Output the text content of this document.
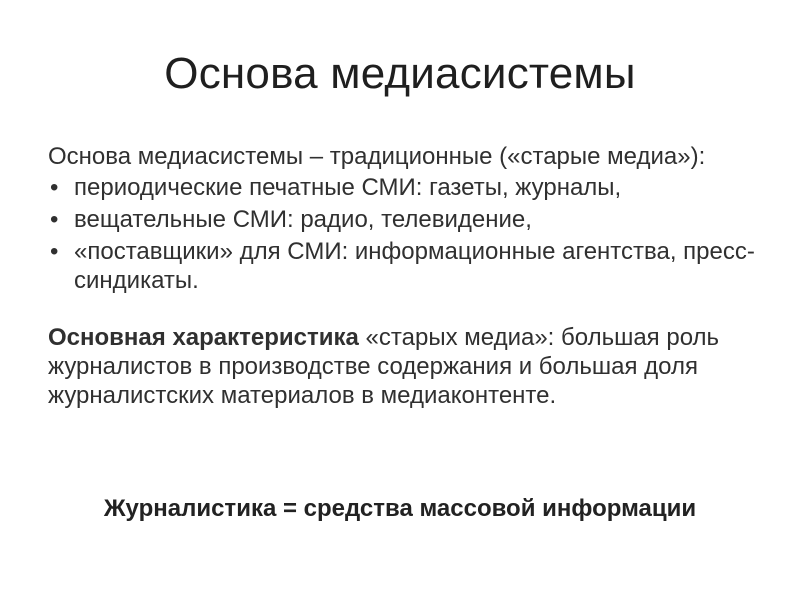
Основа медиасистемы

Основа медиасистемы – традиционные («старые медиа»):

• периодические печатные СМИ: газеты, журналы,
• вещательные СМИ: радио, телевидение,
• «поставщики» для СМИ: информационные агентства, пресс-синдикаты.

Основная характеристика «старых медиа»: большая роль журналистов в производстве содержания и большая доля журналистских материалов в медиаконтенте.

Журналистика = средства массовой информации
